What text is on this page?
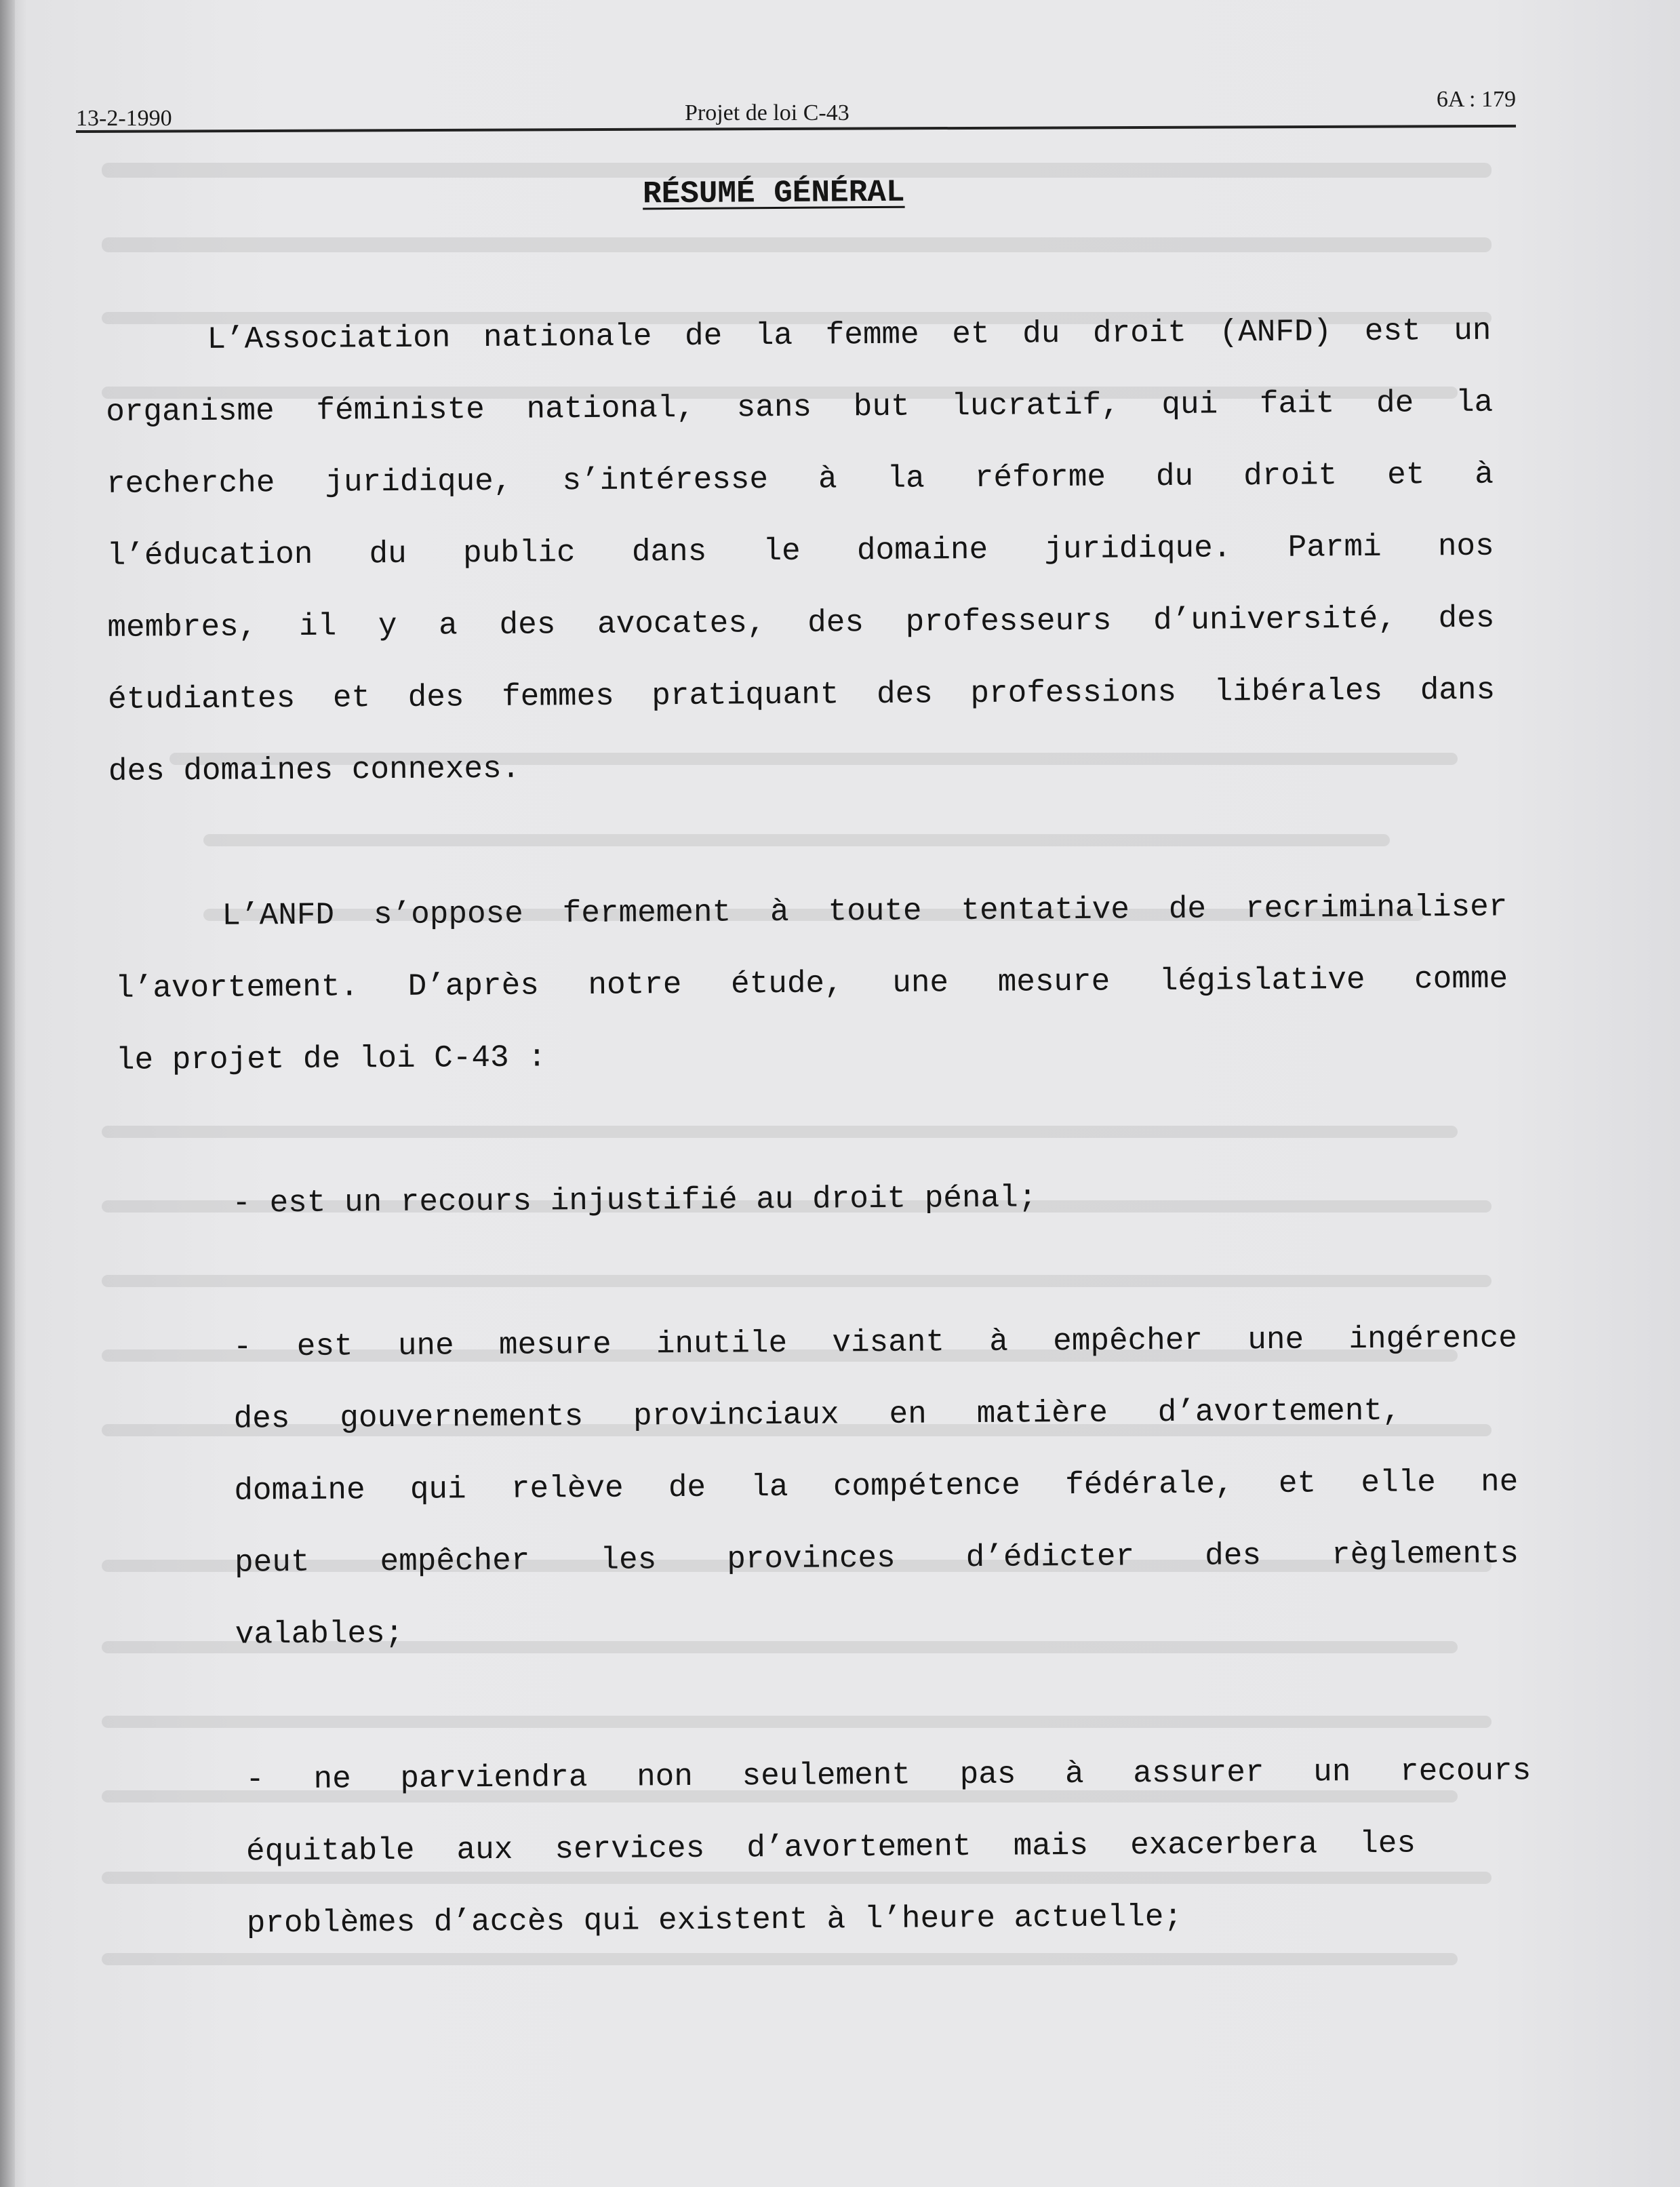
13-2-1990	Projet de loi C-43
6A : 179
RÉSUMÉ GÉNÉRAL
L’Association nationale de la femme et du droit (ANFD) est un
organisme féministe national, sans but lucratif, qui fait de la
recherche juridique, s’intéresse à la réforme du droit et à
l’éducation du public dans le domaine juridique. Parmi nos
membres, il y a des avocates, des professeurs d’université, des
étudiantes et des femmes pratiquant des professions libérales dans
des domaines connexes.
L’ANFD s’oppose fermement à toute tentative de recriminaliser
l’avortement. D’après notre étude, une mesure législative comme
le projet de loi C-43 :
- est un recours injustifié au droit pénal;
- est une mesure inutile visant à empêcher une ingérence
des gouvernements provinciaux en matière d’avortement,
domaine qui relève de la compétence fédérale, et elle ne
peut empêcher les provinces d’édicter des règlements
valables;
- ne parviendra non seulement pas à assurer un recours
équitable aux services d’avortement mais exacerbera les
problèmes d’accès qui existent à l’heure actuelle;
